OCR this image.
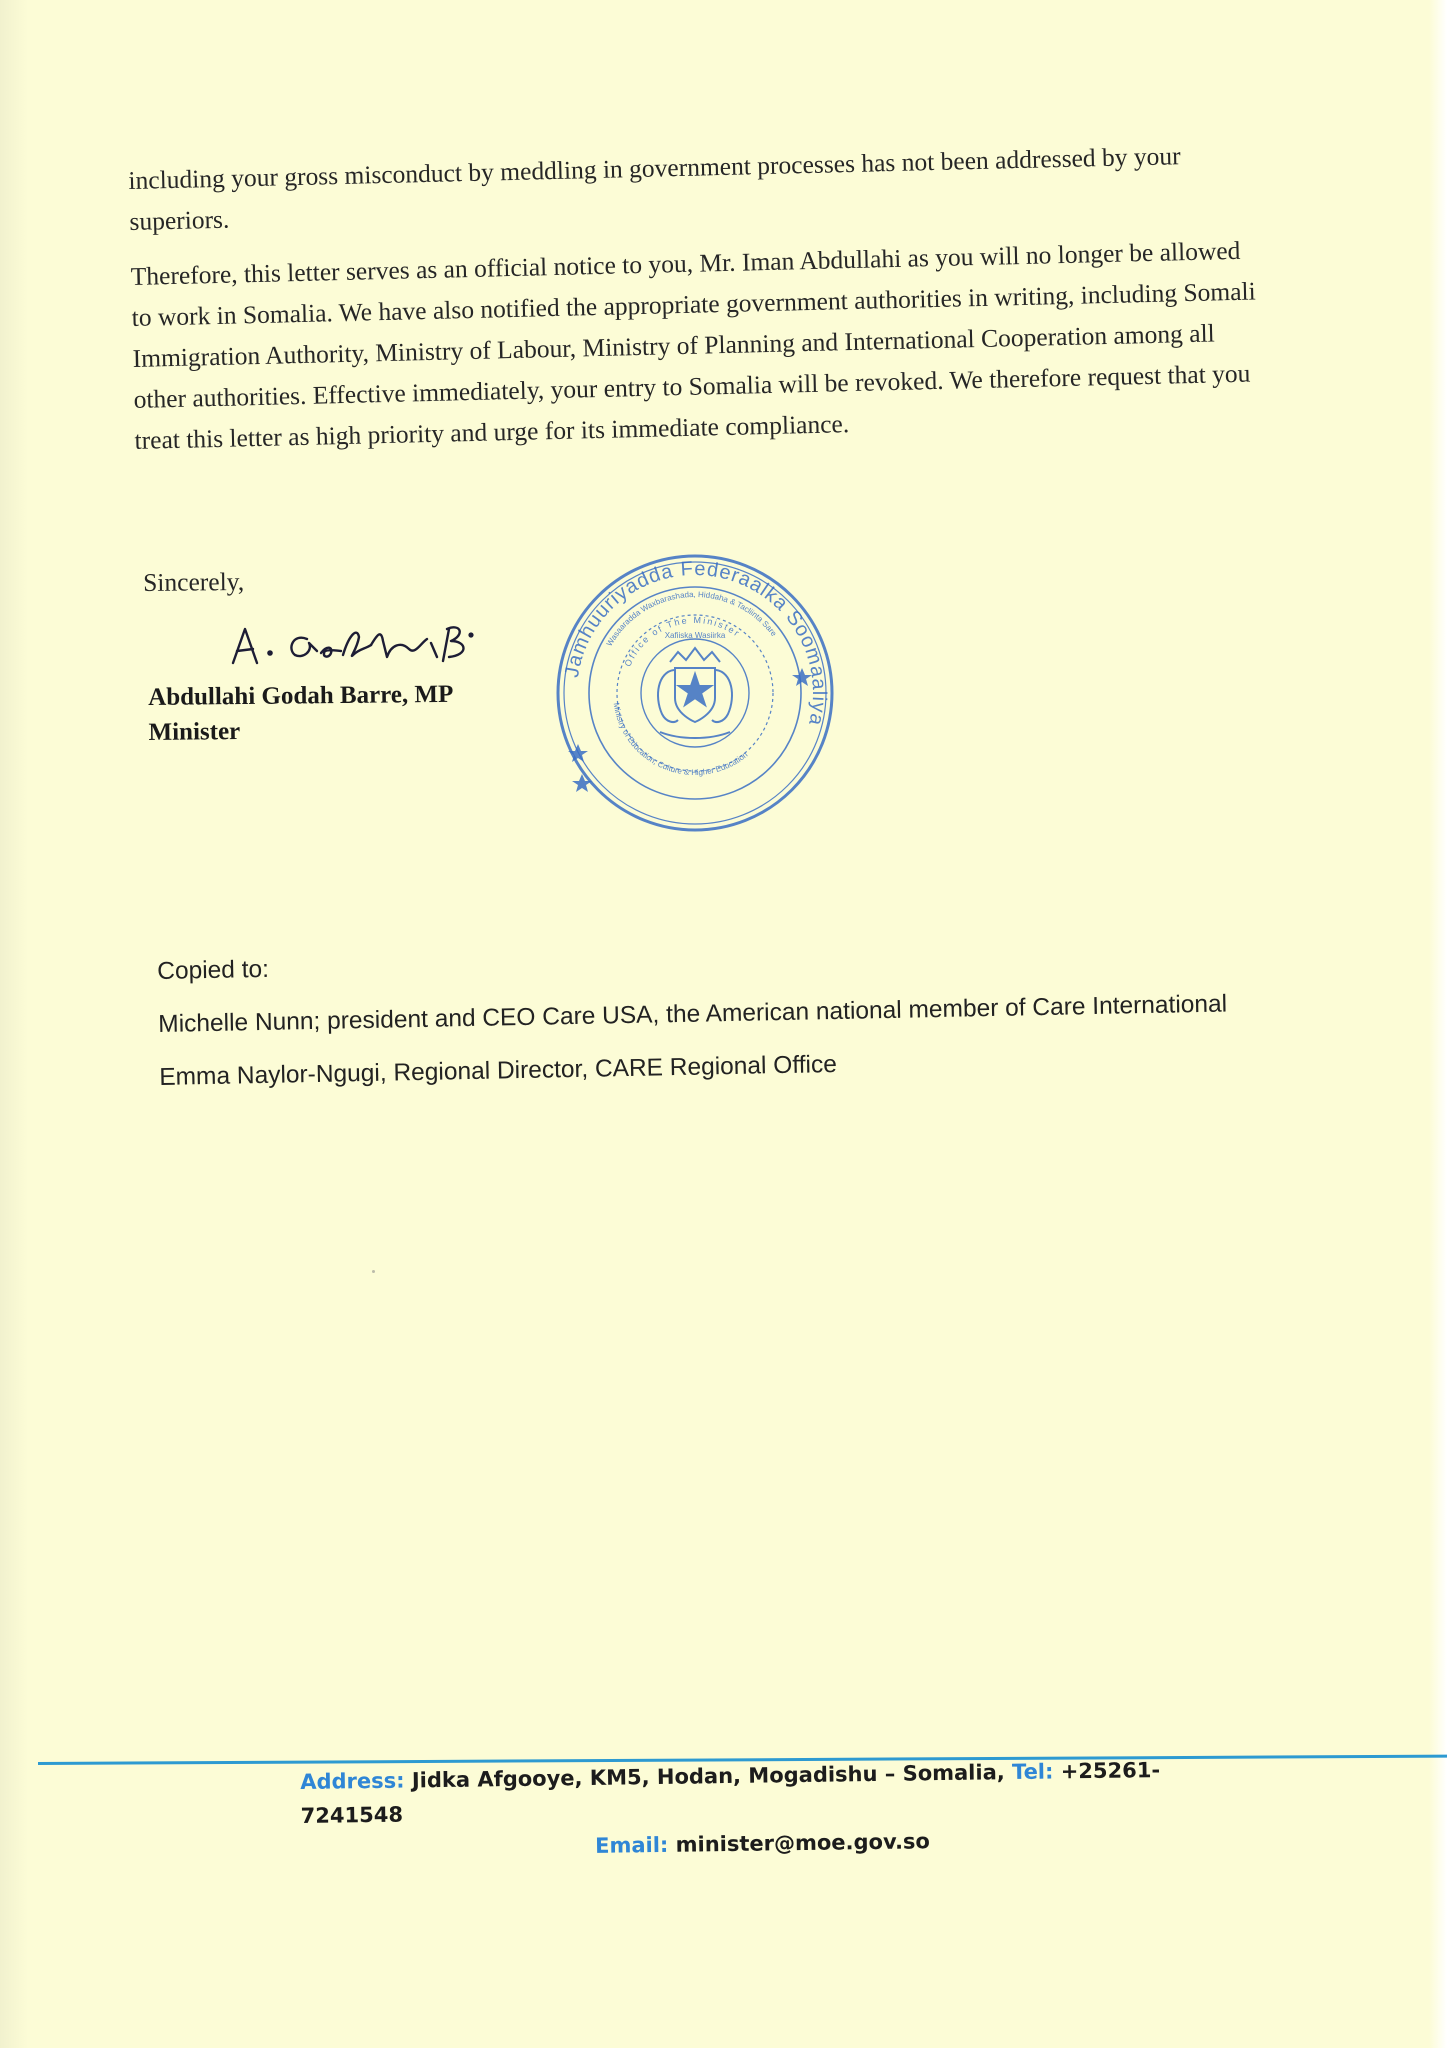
including your gross misconduct by meddling in government processes has not been addressed by your superiors.

Therefore, this letter serves as an official notice to you, Mr. Iman Abdullahi as you will no longer be allowed to work in Somalia. We have also notified the appropriate government authorities in writing, including Somali Immigration Authority, Ministry of Labour, Ministry of Planning and International Cooperation among all other authorities. Effective immediately, your entry to Somalia will be revoked. We therefore request that you treat this letter as high priority and urge for its immediate compliance.

Sincerely,
Abdullahi Godah Barre, MP
Minister
Jamhuuriyadda Federaalka Soomaaliya
Wasaaradda Waxbarashada, Hiddaha & Tacliinta Sare
Office of The Minister
Ministry of Education, Culture & Higher Education
Xafiiska Wasiirka
Copied to:
Michelle Nunn; president and CEO Care USA, the American national member of Care International
Emma Naylor-Ngugi, Regional Director, CARE Regional Office
Address: Jidka Afgooye, KM5, Hodan, Mogadishu – Somalia, Tel: +25261-7241548
Email: minister@moe.gov.so
